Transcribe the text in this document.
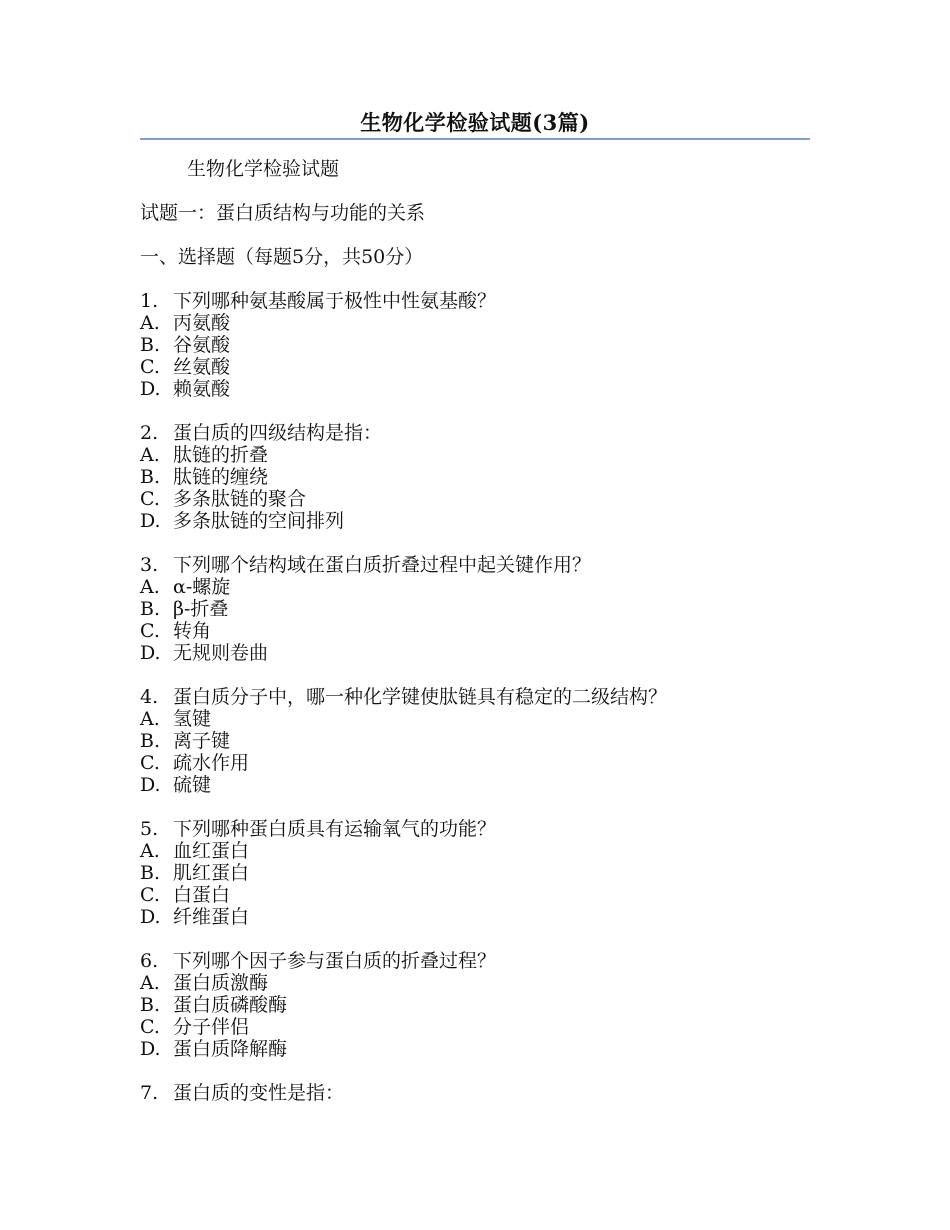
生物化学检验试题(3篇)
生物化学检验试题
试题一：蛋白质结构与功能的关系
一、选择题（每题5分，共50分）
1. 下列哪种氨基酸属于极性中性氨基酸？
A. 丙氨酸
B. 谷氨酸
C. 丝氨酸
D. 赖氨酸
2. 蛋白质的四级结构是指：
A. 肽链的折叠
B. 肽链的缠绕
C. 多条肽链的聚合
D. 多条肽链的空间排列
3. 下列哪个结构域在蛋白质折叠过程中起关键作用？
A. α-螺旋
B. β-折叠
C. 转角
D. 无规则卷曲
4. 蛋白质分子中，哪一种化学键使肽链具有稳定的二级结构？
A. 氢键
B. 离子键
C. 疏水作用
D. 硫键
5. 下列哪种蛋白质具有运输氧气的功能？
A. 血红蛋白
B. 肌红蛋白
C. 白蛋白
D. 纤维蛋白
6. 下列哪个因子参与蛋白质的折叠过程？
A. 蛋白质激酶
B. 蛋白质磷酸酶
C. 分子伴侣
D. 蛋白质降解酶
7. 蛋白质的变性是指：
